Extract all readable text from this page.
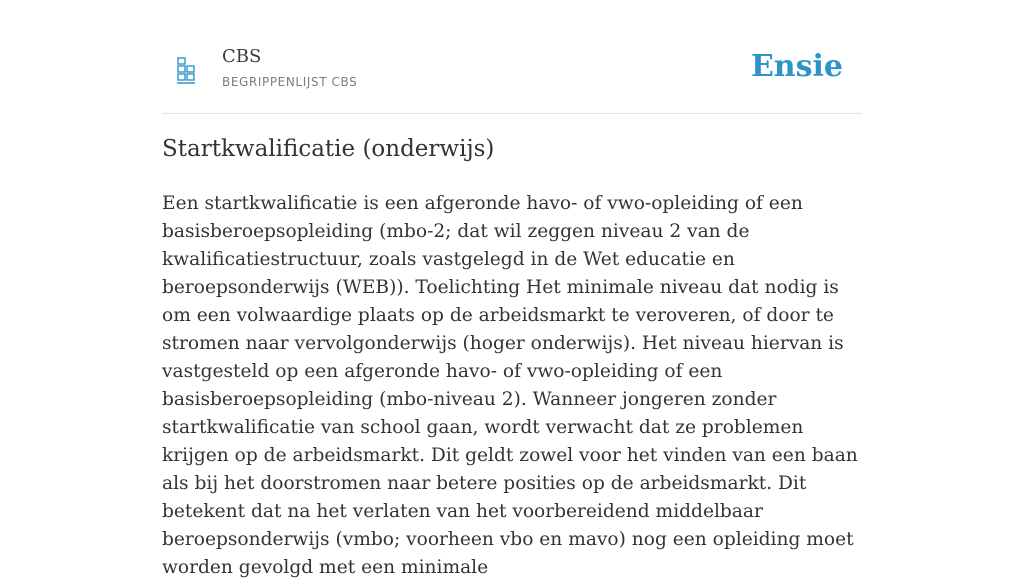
CBS
BEGRIPPENLIJST CBS	Ensie
Startkwalificatie (onderwijs)

Een startkwalificatie is een afgeronde havo- of vwo-opleiding of een basisberoepsopleiding (mbo-2; dat wil zeggen niveau 2 van de kwalificatiestructuur, zoals vastgelegd in de Wet educatie en beroepsonderwijs (WEB)). Toelichting Het minimale niveau dat nodig is om een volwaardige plaats op de arbeidsmarkt te veroveren, of door te stromen naar vervolgonderwijs (hoger onderwijs). Het niveau hiervan is vastgesteld op een afgeronde havo- of vwo-opleiding of een basisberoepsopleiding (mbo-niveau 2). Wanneer jongeren zonder startkwalificatie van school gaan, wordt verwacht dat ze problemen krijgen op de arbeidsmarkt. Dit geldt zowel voor het vinden van een baan als bij het doorstromen naar betere posities op de arbeidsmarkt. Dit betekent dat na het verlaten van het voorbereidend middelbaar beroepsonderwijs (vmbo; voorheen vbo en mavo) nog een opleiding moet worden gevolgd met een minimale
